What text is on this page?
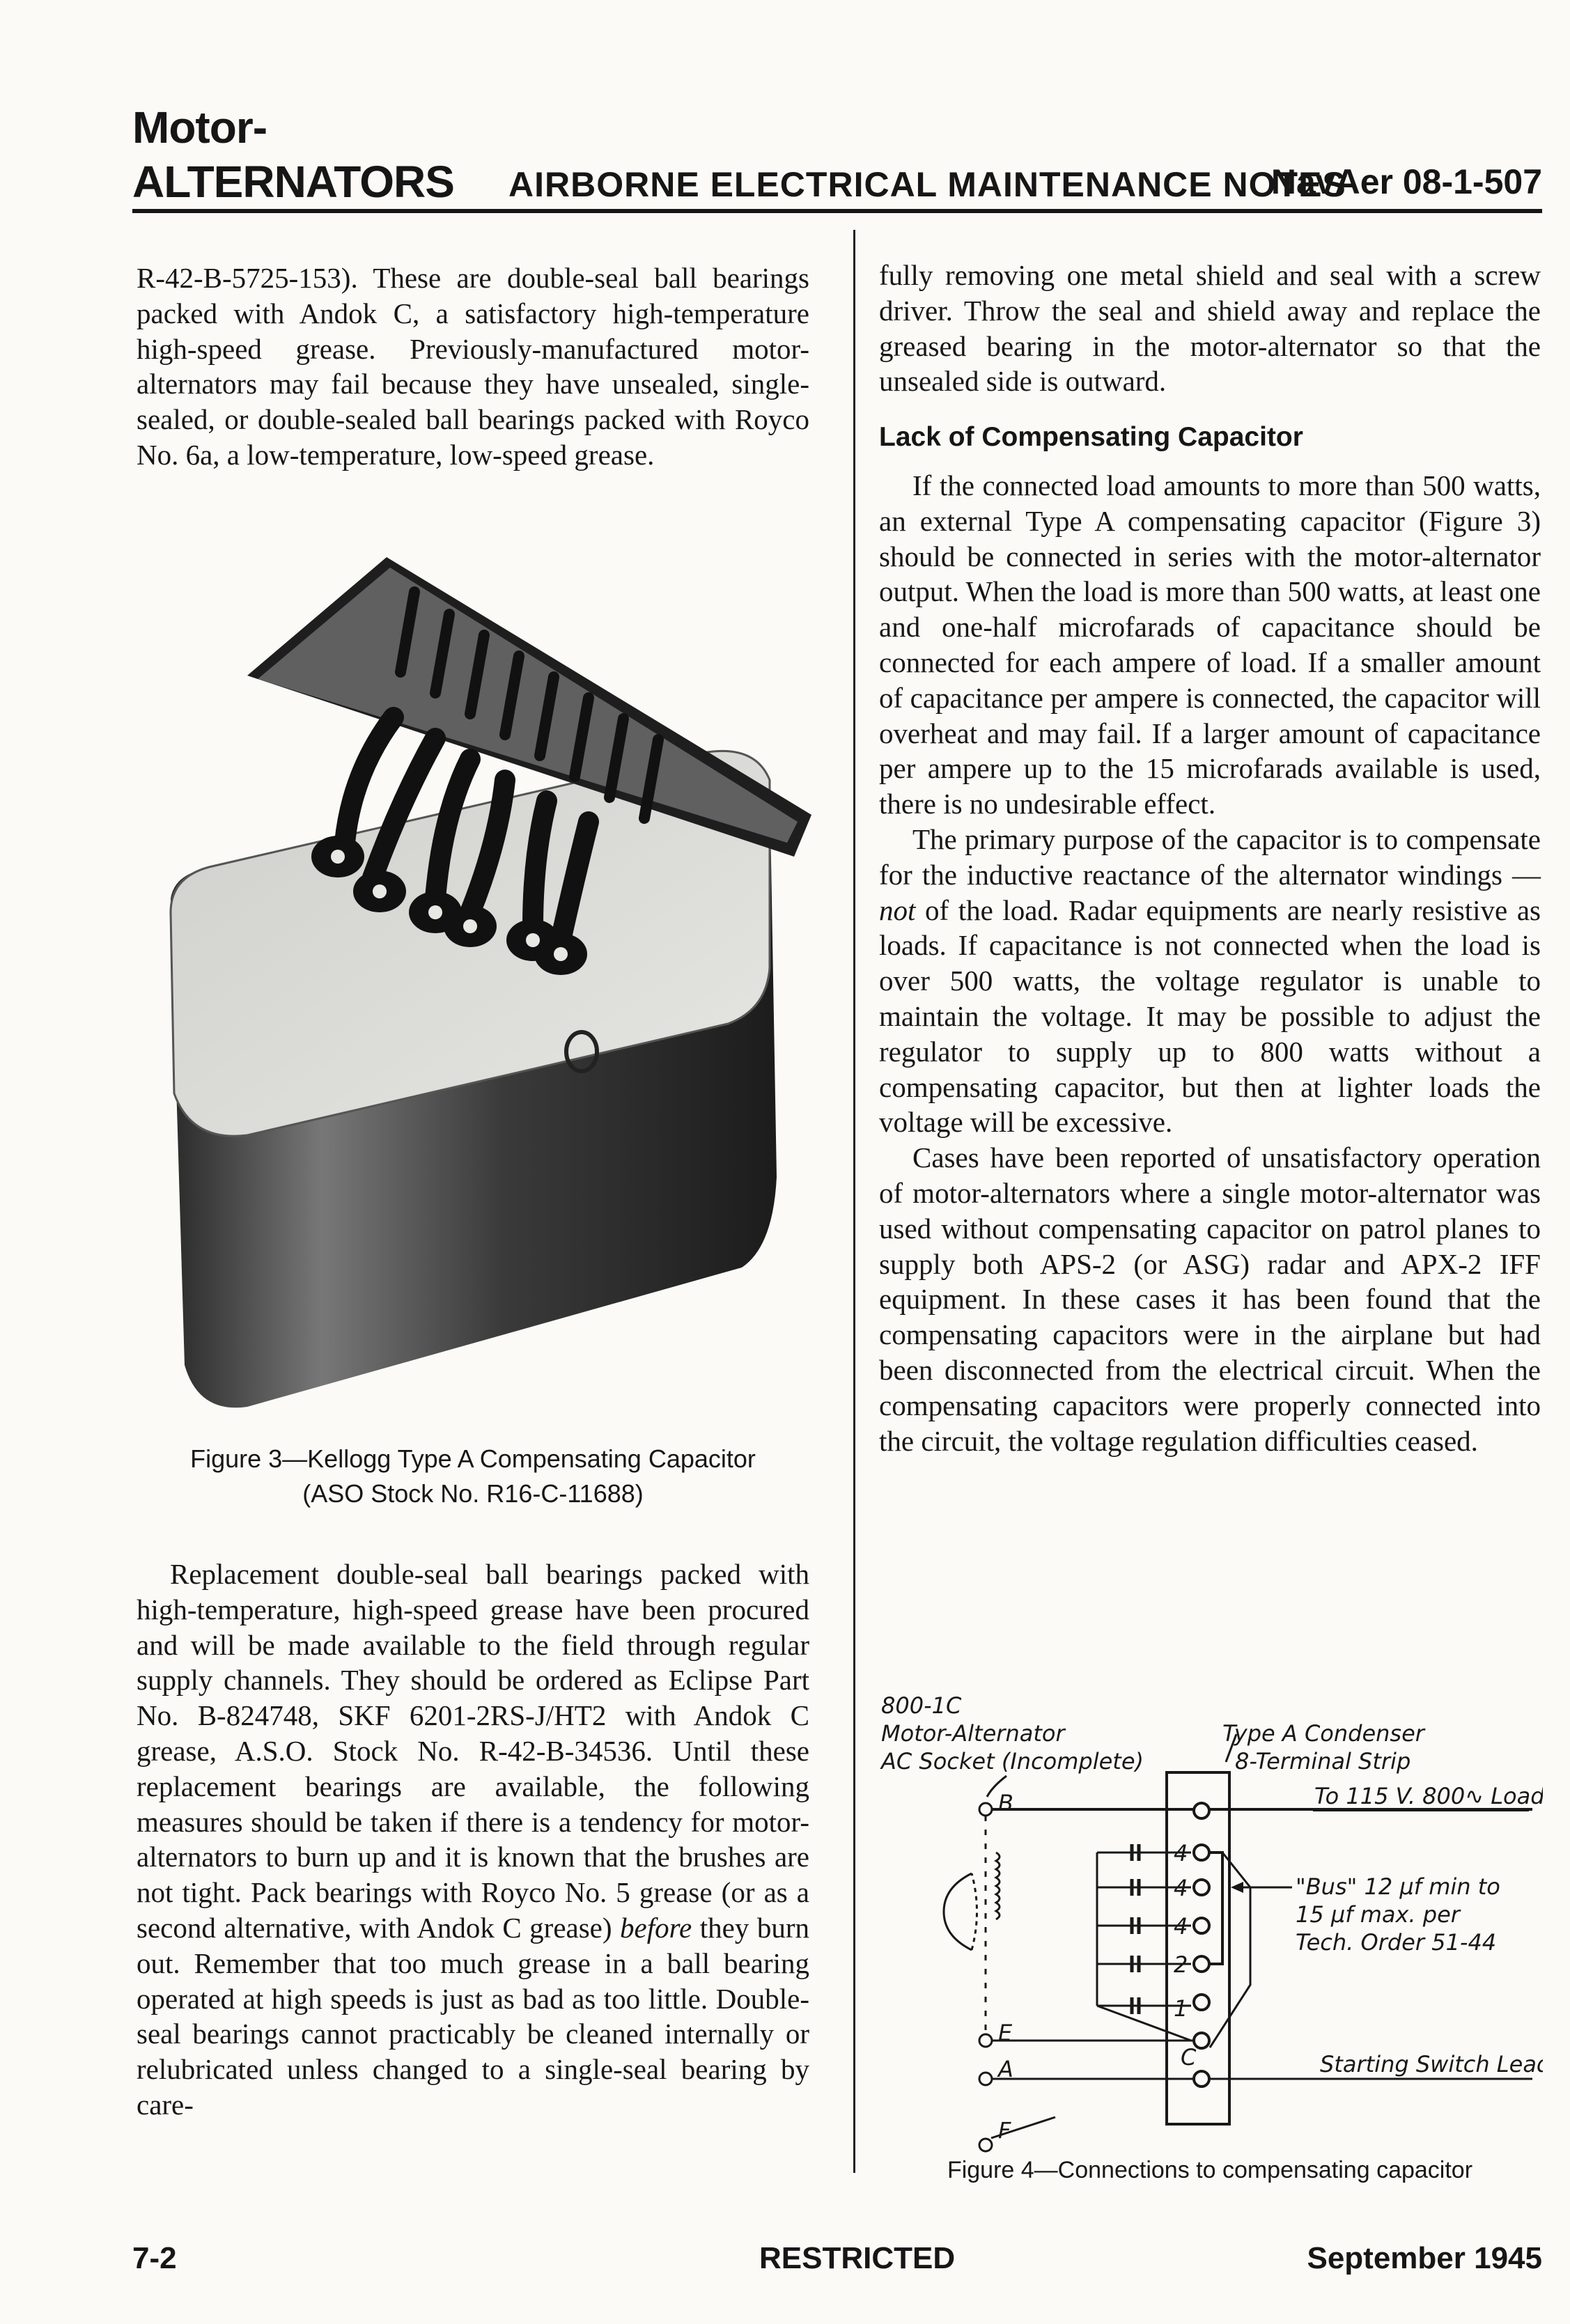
Motor-
ALTERNATORS AIRBORNE ELECTRICAL MAINTENANCE NOTES
NavAer 08-1-507

R-42-B-5725-153). These are double-seal ball bearings packed with Andok C, a satisfactory high-temperature high-speed grease. Previously-manufactured motor-alternators may fail because they have unsealed, single-sealed, or double-sealed ball bearings packed with Royco No. 6a, a low-temperature, low-speed grease.

Figure 3—Kellogg Type A Compensating Capacitor
(ASO Stock No. R16-C-11688)

Replacement double-seal ball bearings packed with high-temperature, high-speed grease have been procured and will be made available to the field through regular supply channels. They should be ordered as Eclipse Part No. B-824748, SKF 6201-2RS-J/HT2 with Andok C grease, A.S.O. Stock No. R-42-B-34536. Until these replacement bearings are available, the following measures should be taken if there is a tendency for motor-alternators to burn up and it is known that the brushes are not tight. Pack bearings with Royco No. 5 grease (or as a second alternative, with Andok C grease) before they burn out. Remember that too much grease in a ball bearing operated at high speeds is just as bad as too little. Double-seal bearings cannot practicably be cleaned internally or relubricated unless changed to a single-seal bearing by care-

fully removing one metal shield and seal with a screw driver. Throw the seal and shield away and replace the greased bearing in the motor-alternator so that the unsealed side is outward.

Lack of Compensating Capacitor

If the connected load amounts to more than 500 watts, an external Type A compensating capacitor (Figure 3) should be connected in series with the motor-alternator output. When the load is more than 500 watts, at least one and one-half microfarads of capacitance should be connected for each ampere of load. If a smaller amount of capacitance per ampere is connected, the capacitor will overheat and may fail. If a larger amount of capacitance per ampere up to the 15 microfarads available is used, there is no undesirable effect.

The primary purpose of the capacitor is to compensate for the inductive reactance of the alternator windings — not of the load. Radar equipments are nearly resistive as loads. If capacitance is not connected when the load is over 500 watts, the voltage regulator is unable to maintain the voltage. It may be possible to adjust the regulator to supply up to 800 watts without a compensating capacitor, but then at lighter loads the voltage will be excessive.

Cases have been reported of unsatisfactory operation of motor-alternators where a single motor-alternator was used without compensating capacitor on patrol planes to supply both APS-2 (or ASG) radar and APX-2 IFF equipment. In these cases it has been found that the compensating capacitors were in the airplane but had been disconnected from the electrical circuit. When the compensating capacitors were properly connected into the circuit, the voltage regulation difficulties ceased.

800-1C
Motor-Alternator
AC Socket (Incomplete)
Type A Condenser
8-Terminal Strip
B
E
A
F
4
4
4
2
1
C
To 115 V. 800∿ Load
"Bus" 12 μf min to
15 μf max. per
Tech. Order 51-44
Starting Switch Lead
Figure 4—Connections to compensating capacitor
7-2	RESTRICTED	September 1945
